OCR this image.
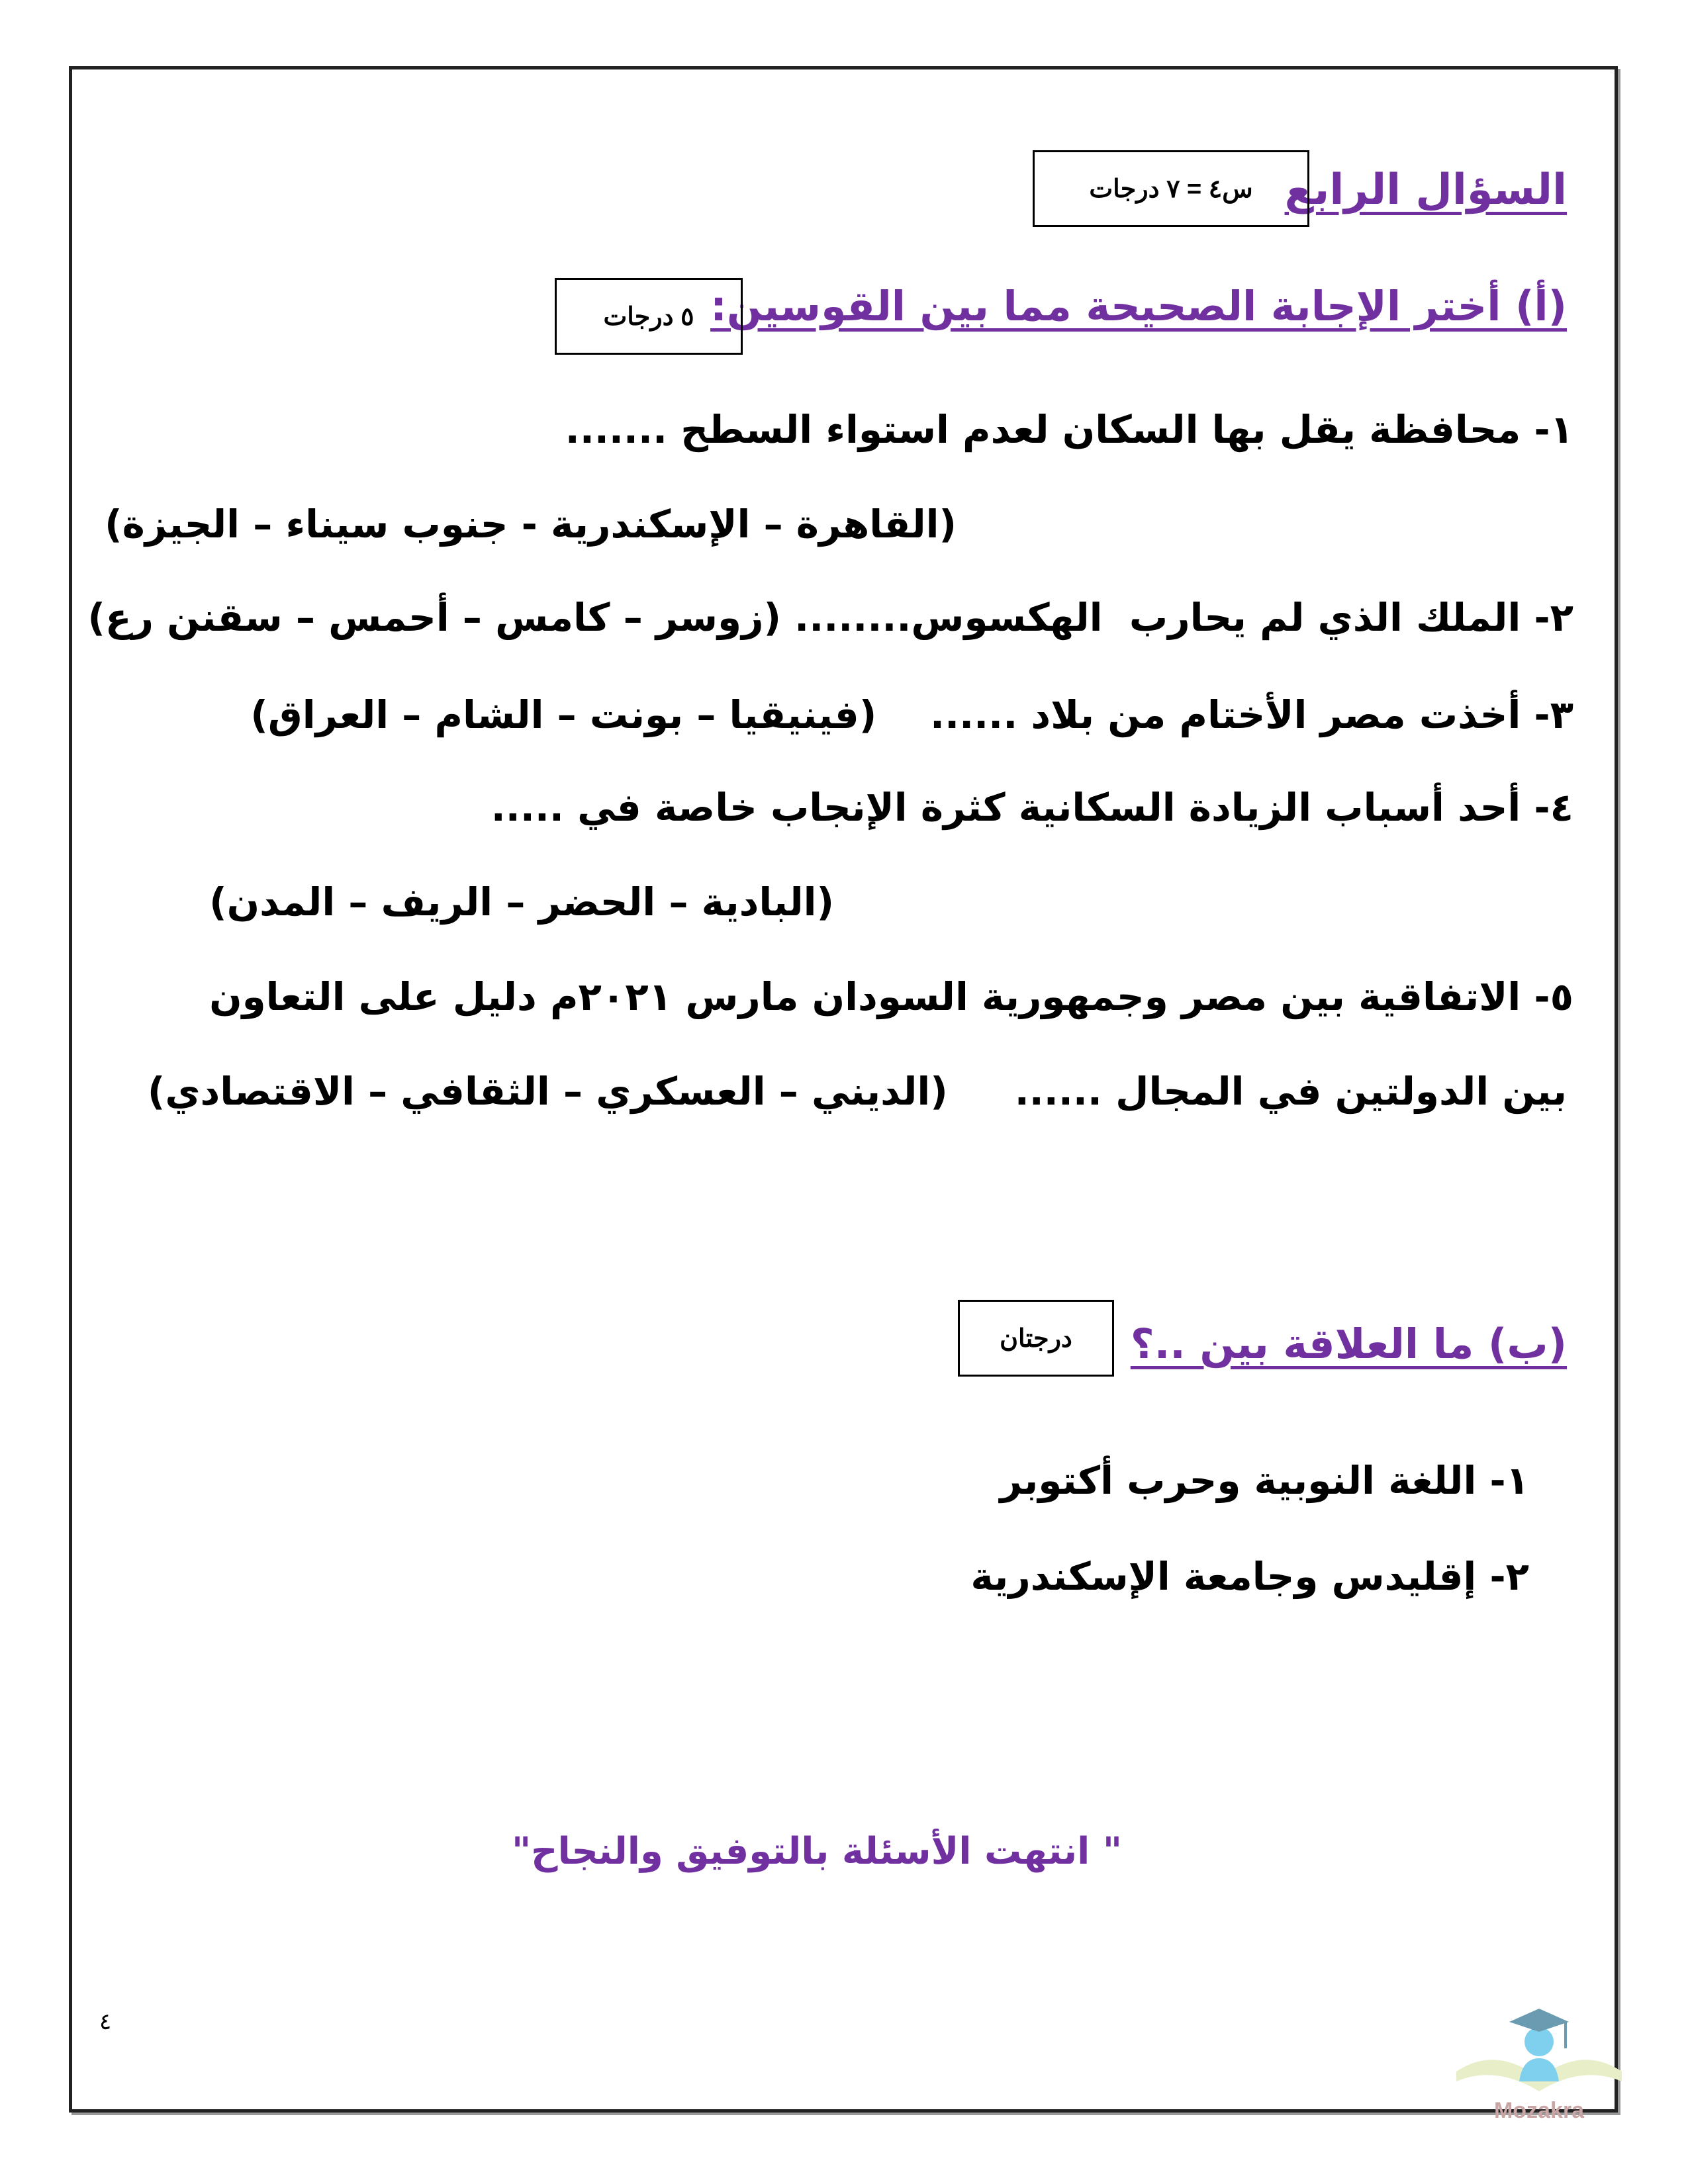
السؤال الرابع
س٤ = ٧ درجات
(أ) أختر الإجابة الصحيحة مما بين القوسين:
٥ درجات
١- محافظة يقل بها السكان لعدم استواء السطح .......
(القاهرة – الإسكندرية - جنوب سيناء – الجيزة)
٢- الملك الذي لم يحارب  الهكسوس........ (زوسر – كامس – أحمس – سقنن رع)
٣- أخذت مصر الأختام من بلاد ......    (فينيقيا – بونت – الشام – العراق)
٤- أحد أسباب الزيادة السكانية كثرة الإنجاب خاصة في .....
(البادية – الحضر – الريف – المدن)
٥- الاتفاقية بين مصر وجمهورية السودان مارس ٢٠٢١م دليل على التعاون
بين الدولتين في المجال ......     (الديني – العسكري – الثقافي – الاقتصادي)
(ب) ما العلاقة بين ..؟
درجتان
١- اللغة النوبية وحرب أكتوبر
٢- إقليدس وجامعة الإسكندرية
" انتهت الأسئلة بالتوفيق والنجاح"
٤
Mozakra
